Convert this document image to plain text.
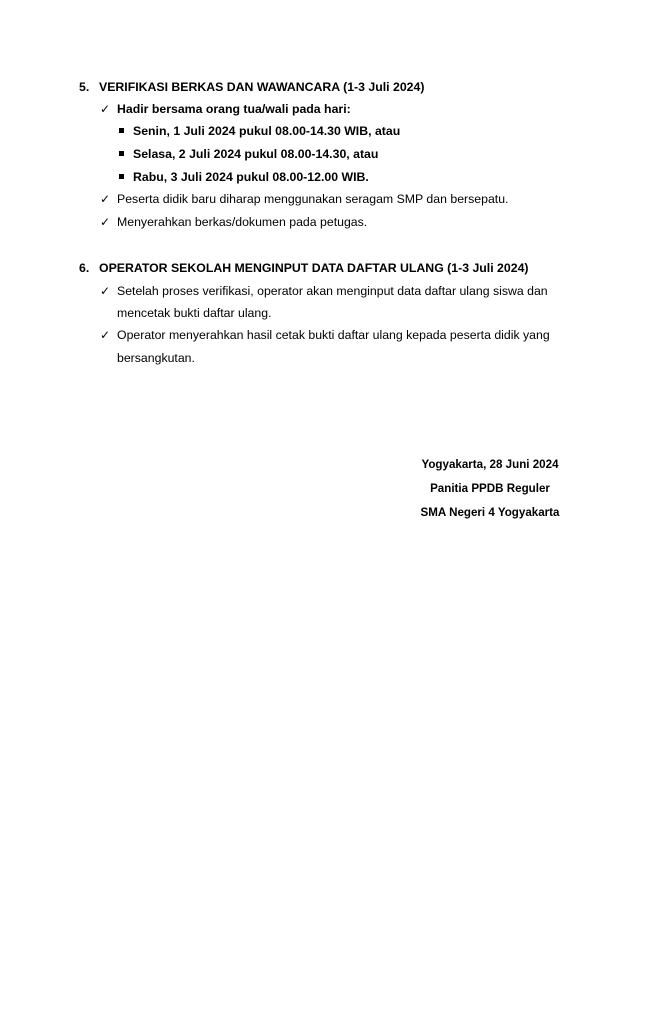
5. VERIFIKASI BERKAS DAN WAWANCARA (1-3 Juli 2024)
✓ Hadir bersama orang tua/wali pada hari:
Senin, 1 Juli 2024 pukul 08.00-14.30 WIB, atau
Selasa, 2 Juli 2024 pukul 08.00-14.30, atau
Rabu, 3 Juli 2024 pukul 08.00-12.00 WIB.
✓ Peserta didik baru diharap menggunakan seragam SMP dan bersepatu.
✓ Menyerahkan berkas/dokumen pada petugas.
6. OPERATOR SEKOLAH MENGINPUT DATA DAFTAR ULANG (1-3 Juli 2024)
✓ Setelah proses verifikasi, operator akan menginput data daftar ulang siswa dan
mencetak bukti daftar ulang.
✓ Operator menyerahkan hasil cetak bukti daftar ulang kepada peserta didik yang
bersangkutan.
Yogyakarta, 28 Juni 2024
Panitia PPDB Reguler
SMA Negeri 4 Yogyakarta
